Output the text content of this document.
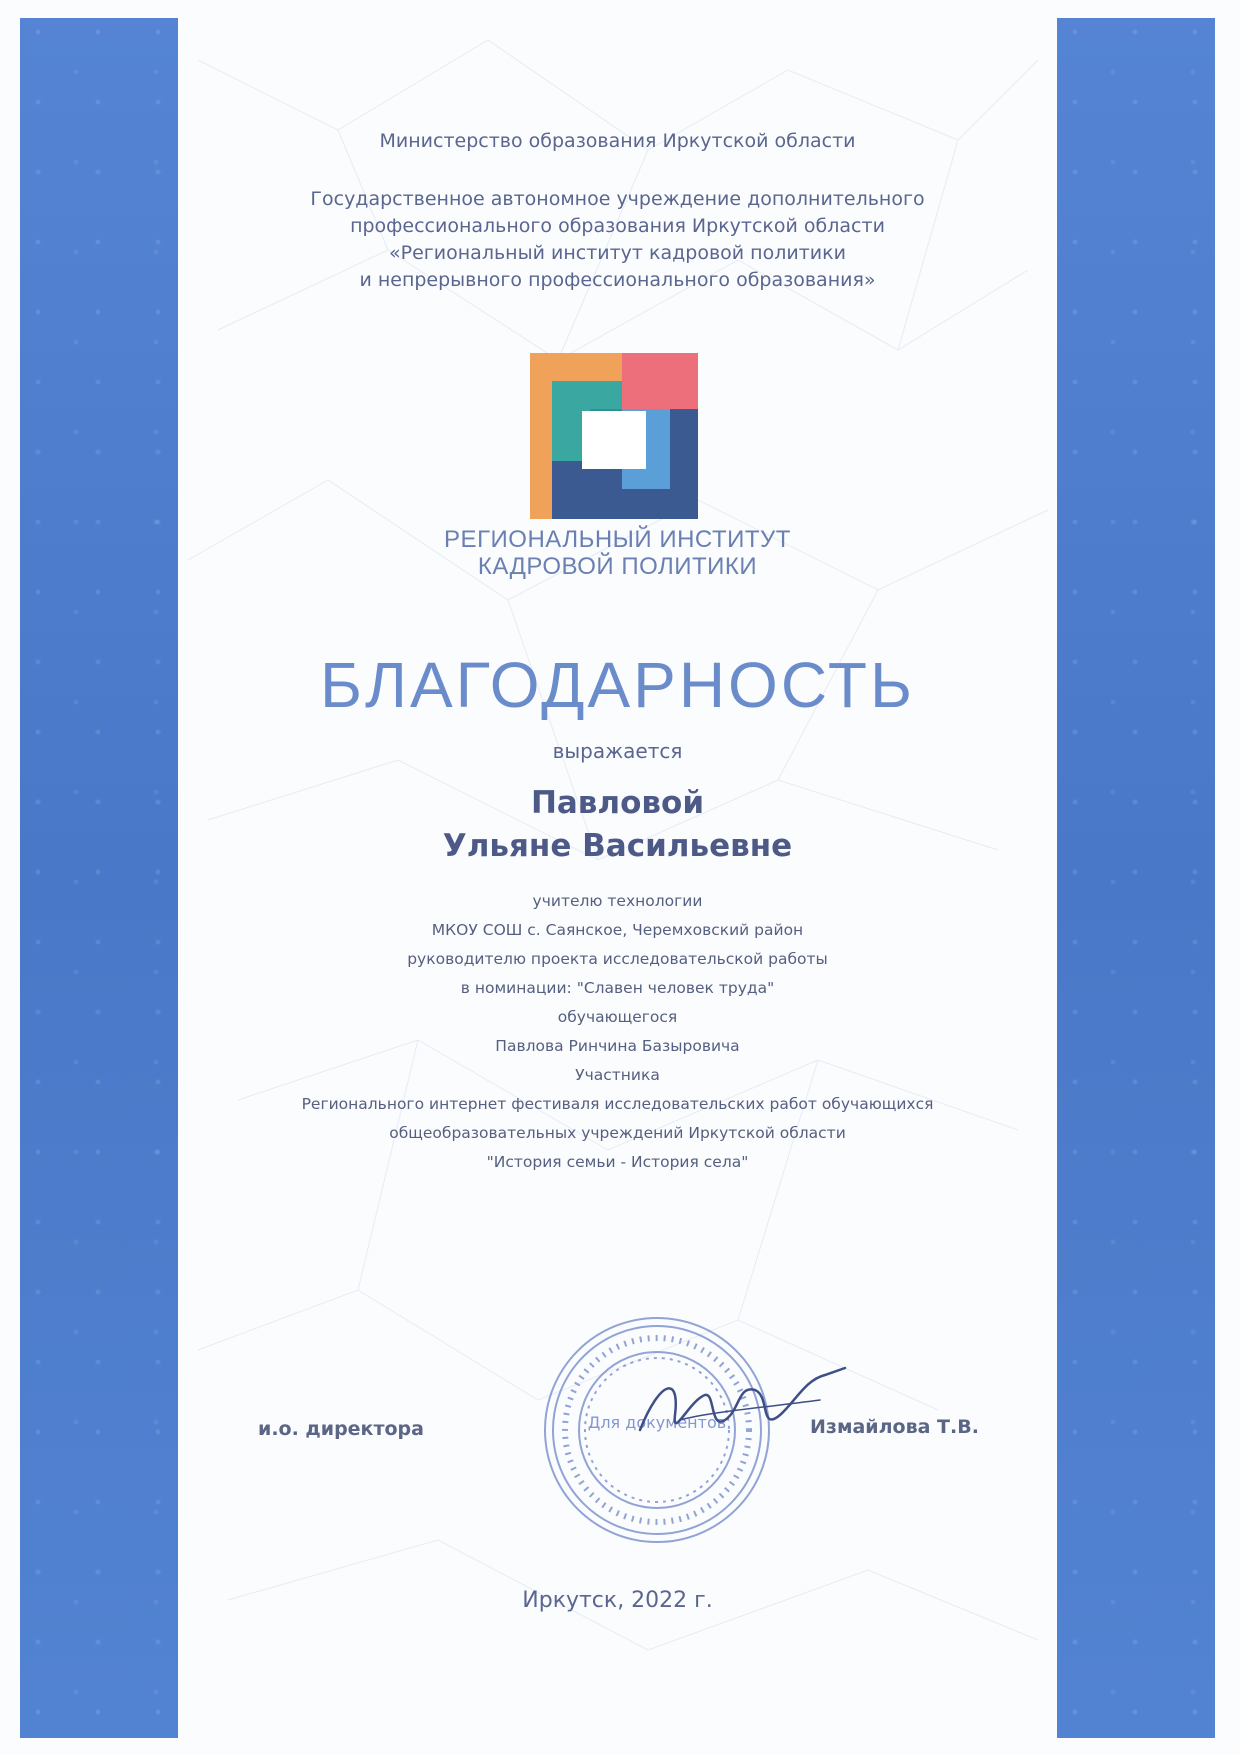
Министерство образования Иркутской области

Государственное автономное учреждение дополнительного

профессионального образования Иркутской области

«Региональный институт кадровой политики

и непрерывного профессионального образования»

РЕГИОНАЛЬНЫЙ ИНСТИТУТ

КАДРОВОЙ ПОЛИТИКИ

БЛАГОДАРНОСТЬ

выражается

Павловой

Ульяне Васильевне

учителю технологии

МКОУ СОШ с. Саянское, Черемховский район

руководителю проекта исследовательской работы

в номинации: "Славен человек труда"

обучающегося

Павлова Ринчина Базыровича

Участника

Регионального интернет фестиваля исследовательских работ обучающихся

общеобразовательных учреждений Иркутской области

"История семьи - История села"

Для документов

и.о. директора	Измайлова Т.В.

Иркутск, 2022 г.
